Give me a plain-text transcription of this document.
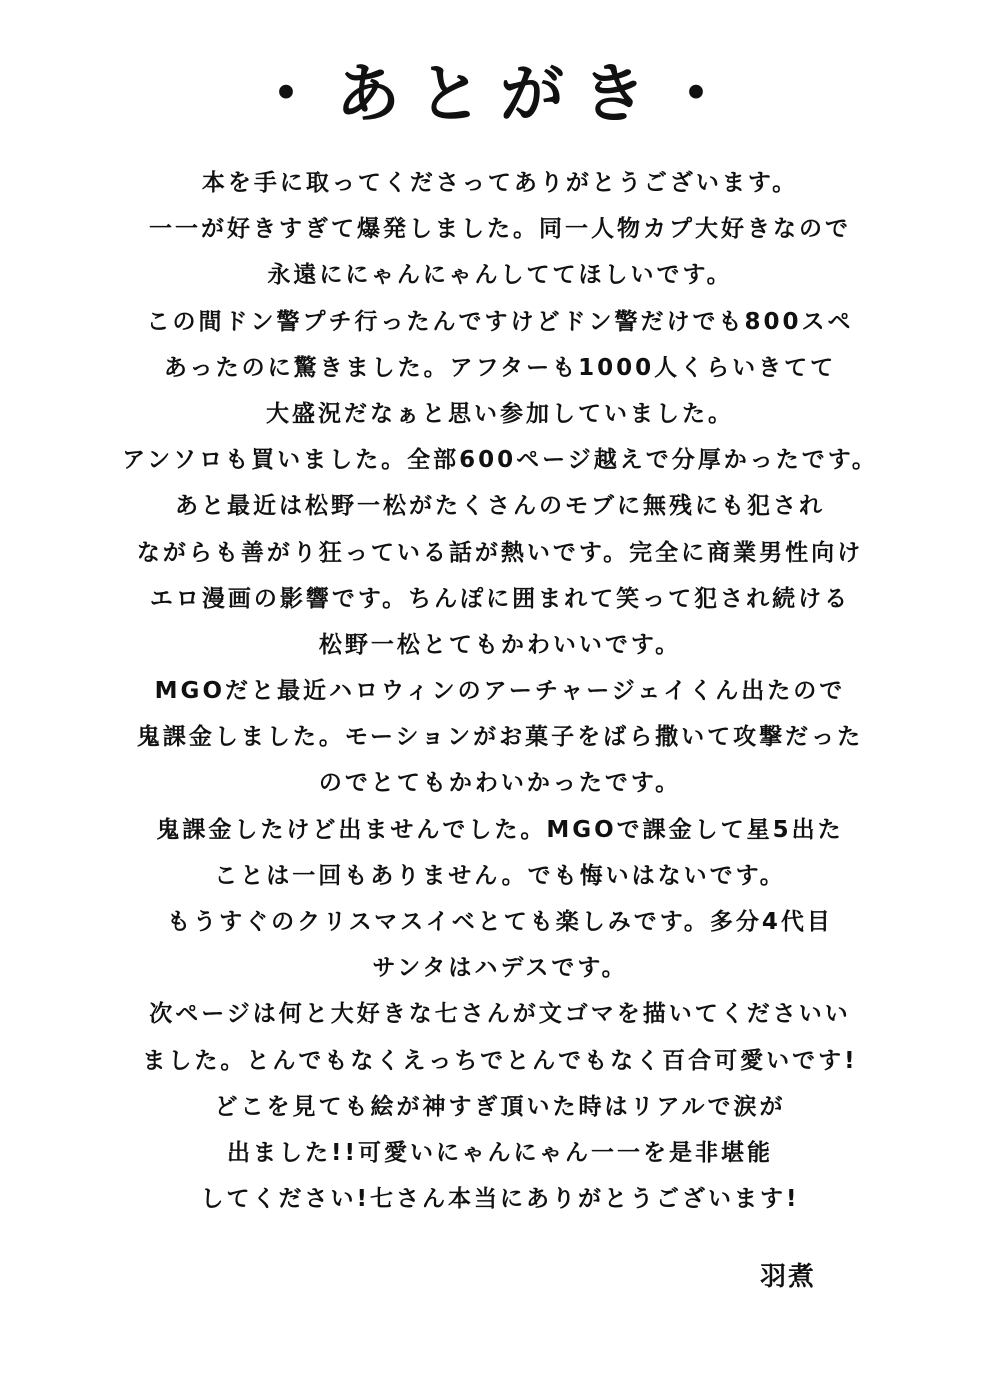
・あとがき・
本を手に取ってくださってありがとうございます。
一一が好きすぎて爆発しました。同一人物カプ大好きなので
永遠ににゃんにゃんしててほしいです。
この間ドン警プチ行ったんですけどドン警だけでも800スペ
あったのに驚きました。アフターも1000人くらいきてて
大盛況だなぁと思い参加していました。
アンソロも買いました。全部600ページ越えで分厚かったです。
あと最近は松野一松がたくさんのモブに無残にも犯され
ながらも善がり狂っている話が熱いです。完全に商業男性向け
エロ漫画の影響です。ちんぽに囲まれて笑って犯され続ける
松野一松とてもかわいいです。
MGOだと最近ハロウィンのアーチャージェイくん出たので
鬼課金しました。モーションがお菓子をばら撒いて攻撃だった
のでとてもかわいかったです。
鬼課金したけど出ませんでした。MGOで課金して星5出た
ことは一回もありません。でも悔いはないです。
もうすぐのクリスマスイベとても楽しみです。多分4代目
サンタはハデスです。
次ページは何と大好きな七さんが文ゴマを描いてくださいい
ました。とんでもなくえっちでとんでもなく百合可愛いです!
どこを見ても絵が神すぎ頂いた時はリアルで涙が
出ました!!可愛いにゃんにゃん一一を是非堪能
してください!七さん本当にありがとうございます!
羽煮
